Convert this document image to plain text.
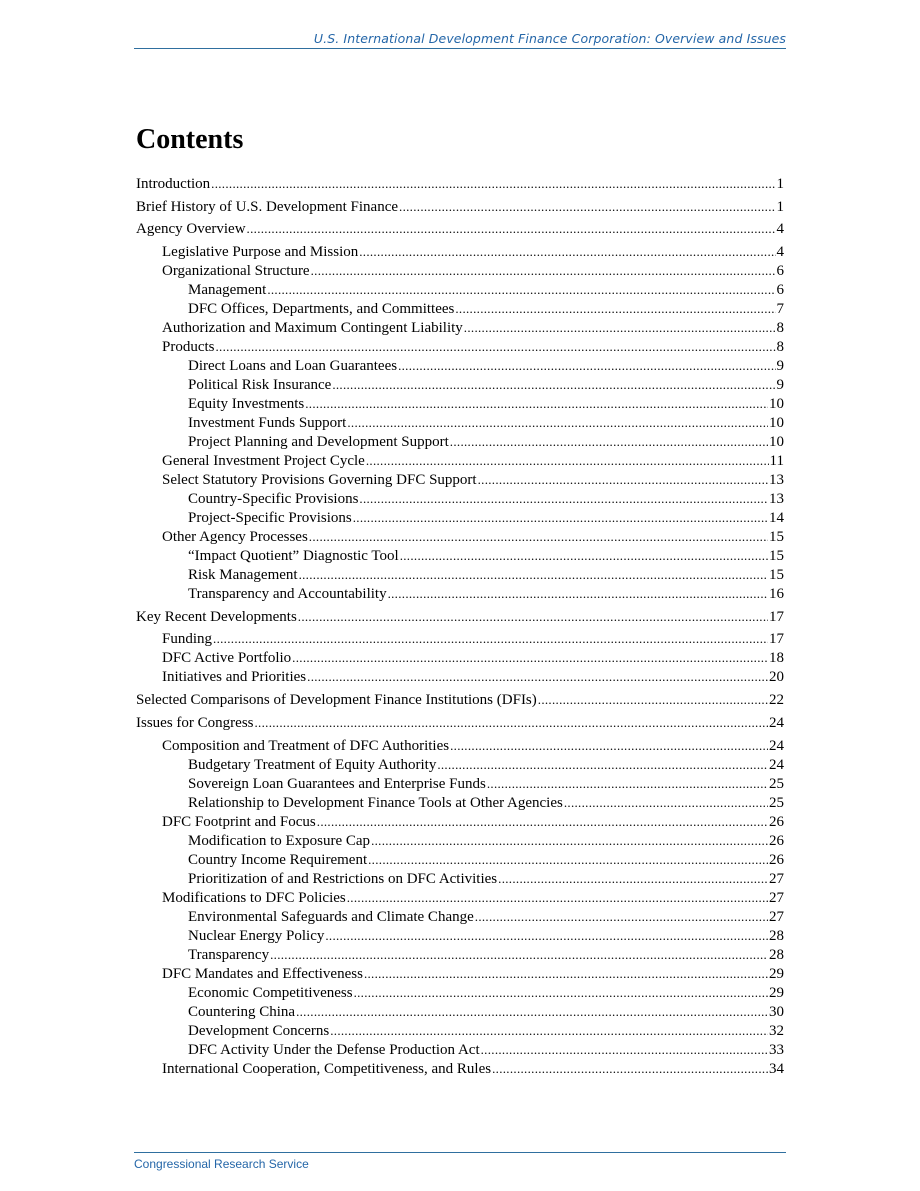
U.S. International Development Finance Corporation: Overview and Issues
Contents
Introduction .....	1
Brief History of U.S. Development Finance .....	1
Agency Overview .....	4
Legislative Purpose and Mission .....	4
Organizational Structure .....	6
Management .....	6
DFC Offices, Departments, and Committees .....	7
Authorization and Maximum Contingent Liability .....	8
Products .....	8
Direct Loans and Loan Guarantees .....	9
Political Risk Insurance .....	9
Equity Investments .....	10
Investment Funds Support .....	10
Project Planning and Development Support .....	10
General Investment Project Cycle .....	11
Select Statutory Provisions Governing DFC Support .....	13
Country-Specific Provisions .....	13
Project-Specific Provisions .....	14
Other Agency Processes .....	15
“Impact Quotient” Diagnostic Tool .....	15
Risk Management .....	15
Transparency and Accountability .....	16
Key Recent Developments .....	17
Funding .....	17
DFC Active Portfolio .....	18
Initiatives and Priorities .....	20
Selected Comparisons of Development Finance Institutions (DFIs) .....	22
Issues for Congress .....	24
Composition and Treatment of DFC Authorities .....	24
Budgetary Treatment of Equity Authority .....	24
Sovereign Loan Guarantees and Enterprise Funds .....	25
Relationship to Development Finance Tools at Other Agencies .....	25
DFC Footprint and Focus .....	26
Modification to Exposure Cap .....	26
Country Income Requirement .....	26
Prioritization of and Restrictions on DFC Activities .....	27
Modifications to DFC Policies .....	27
Environmental Safeguards and Climate Change .....	27
Nuclear Energy Policy .....	28
Transparency .....	28
DFC Mandates and Effectiveness .....	29
Economic Competitiveness .....	29
Countering China .....	30
Development Concerns .....	32
DFC Activity Under the Defense Production Act .....	33
International Cooperation, Competitiveness, and Rules .....	34
Congressional Research Service
